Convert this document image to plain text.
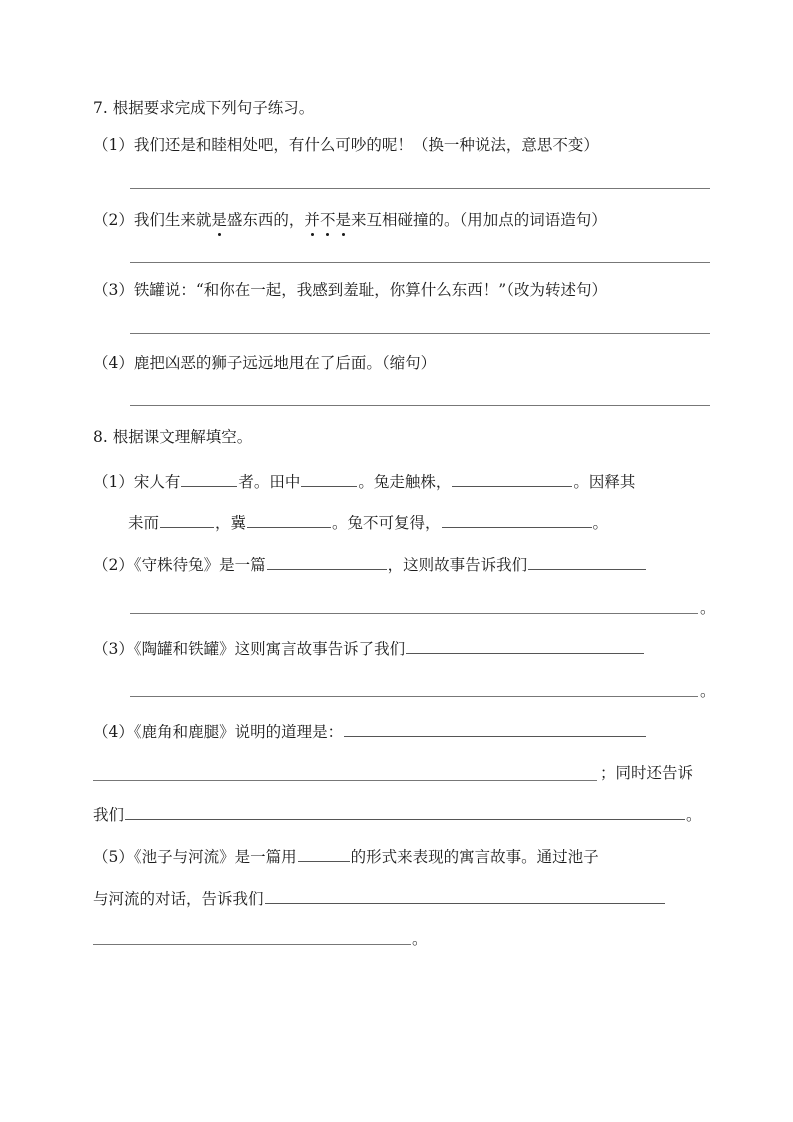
7. 根据要求完成下列句子练习。
（1）我们还是和睦相处吧，有什么可吵的呢！（换一种说法，意思不变）
（2）我们生来就是盛东西的，并不是来互相碰撞的。（用加点的词语造句）
（3）铁罐说：“和你在一起，我感到羞耻，你算什么东西！”（改为转述句）
（4）鹿把凶恶的狮子远远地甩在了后面。（缩句）
8. 根据课文理解填空。
（1）宋人有	者。田中	。兔走触株，	。因释其
耒而	，冀	。兔不可复得，	。
（2）《守株待兔》是一篇	，这则故事告诉我们
。
（3）《陶罐和铁罐》这则寓言故事告诉了我们
。
（4）《鹿角和鹿腿》说明的道理是：
；同时还告诉
我们	。
（5）《池子与河流》是一篇用	的形式来表现的寓言故事。通过池子
与河流的对话，告诉我们
。
